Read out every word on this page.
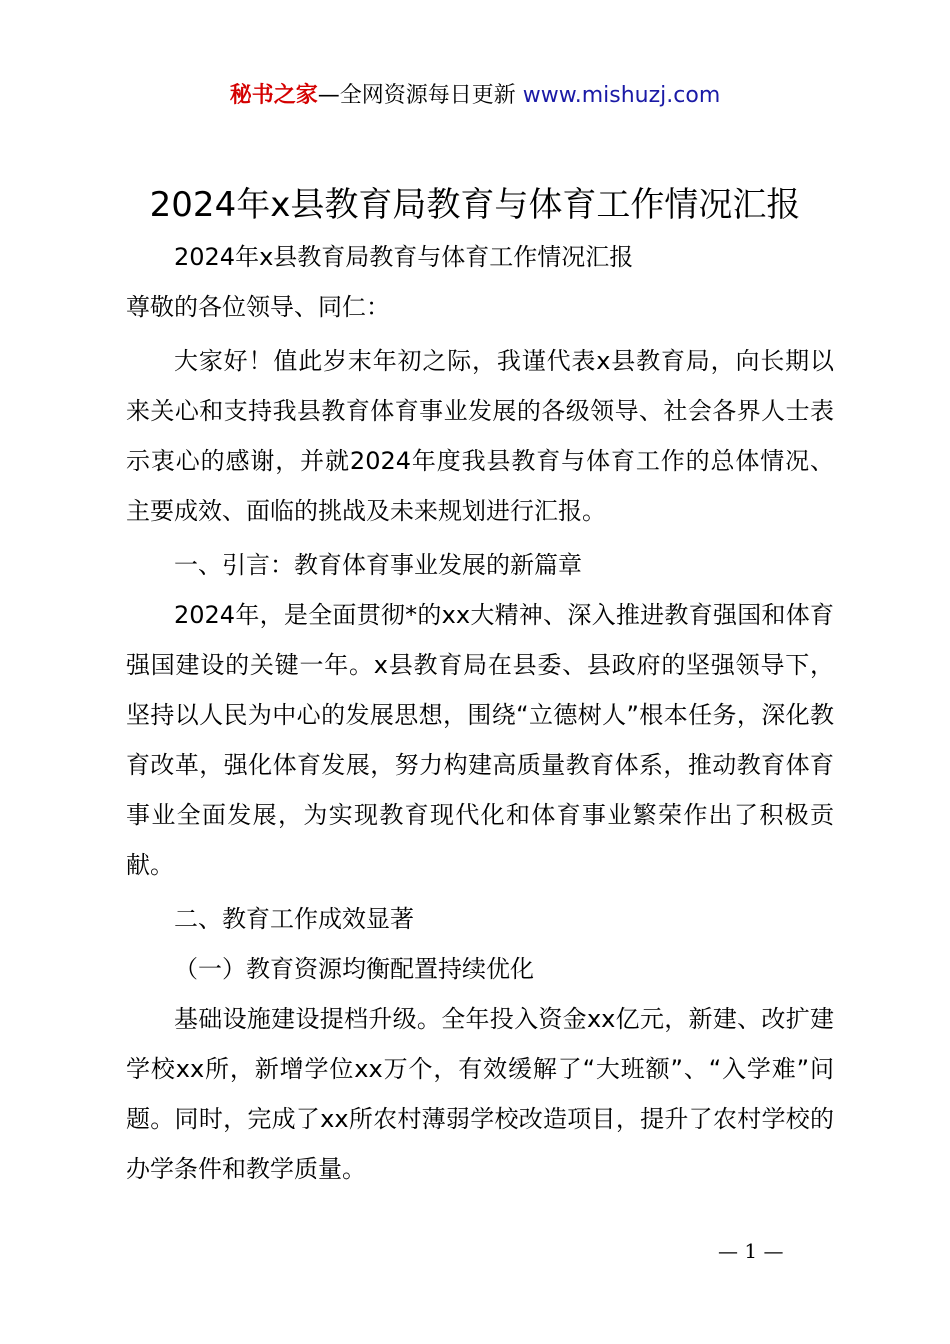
秘书之家—全网资源每日更新 www.mishuzj.com
2024年x县教育局教育与体育工作情况汇报

2024年x县教育局教育与体育工作情况汇报

尊敬的各位领导、同仁：

大家好！值此岁末年初之际，我谨代表x县教育局，向长期以来关心和支持我县教育体育事业发展的各级领导、社会各界人士表示衷心的感谢，并就2024年度我县教育与体育工作的总体情况、主要成效、面临的挑战及未来规划进行汇报。

一、引言：教育体育事业发展的新篇章

2024年，是全面贯彻*的xx大精神、深入推进教育强国和体育强国建设的关键一年。x县教育局在县委、县政府的坚强领导下，坚持以人民为中心的发展思想，围绕“立德树人”根本任务，深化教育改革，强化体育发展，努力构建高质量教育体系，推动教育体育事业全面发展，为实现教育现代化和体育事业繁荣作出了积极贡献。

二、教育工作成效显著

（一）教育资源均衡配置持续优化

基础设施建设提档升级。全年投入资金xx亿元，新建、改扩建学校xx所，新增学位xx万个，有效缓解了“大班额”、“入学难”问题。同时，完成了xx所农村薄弱学校改造项目，提升了农村学校的办学条件和教学质量。

— 1 —
